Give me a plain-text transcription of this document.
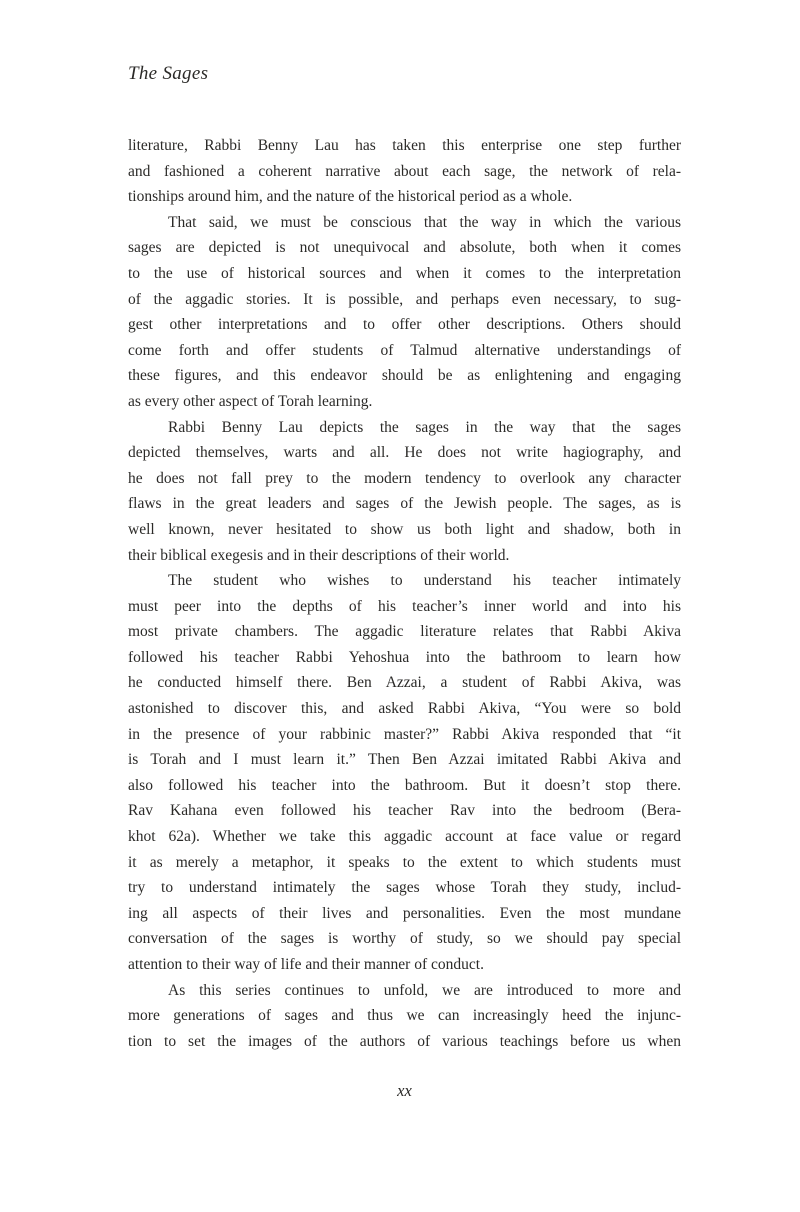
The Sages
literature, Rabbi Benny Lau has taken this enterprise one step further
and fashioned a coherent narrative about each sage, the network of rela-
tionships around him, and the nature of the historical period as a whole.
That said, we must be conscious that the way in which the various
sages are depicted is not unequivocal and absolute, both when it comes
to the use of historical sources and when it comes to the interpretation
of the aggadic stories. It is possible, and perhaps even necessary, to sug-
gest other interpretations and to offer other descriptions. Others should
come forth and offer students of Talmud alternative understandings of
these figures, and this endeavor should be as enlightening and engaging
as every other aspect of Torah learning.
Rabbi Benny Lau depicts the sages in the way that the sages
depicted themselves, warts and all. He does not write hagiography, and
he does not fall prey to the modern tendency to overlook any character
flaws in the great leaders and sages of the Jewish people. The sages, as is
well known, never hesitated to show us both light and shadow, both in
their biblical exegesis and in their descriptions of their world.
The student who wishes to understand his teacher intimately
must peer into the depths of his teacher’s inner world and into his
most private chambers. The aggadic literature relates that Rabbi Akiva
followed his teacher Rabbi Yehoshua into the bathroom to learn how
he conducted himself there. Ben Azzai, a student of Rabbi Akiva, was
astonished to discover this, and asked Rabbi Akiva, “You were so bold
in the presence of your rabbinic master?” Rabbi Akiva responded that “it
is Torah and I must learn it.” Then Ben Azzai imitated Rabbi Akiva and
also followed his teacher into the bathroom. But it doesn’t stop there.
Rav Kahana even followed his teacher Rav into the bedroom (Bera-
khot 62a). Whether we take this aggadic account at face value or regard
it as merely a metaphor, it speaks to the extent to which students must
try to understand intimately the sages whose Torah they study, includ-
ing all aspects of their lives and personalities. Even the most mundane
conversation of the sages is worthy of study, so we should pay special
attention to their way of life and their manner of conduct.
As this series continues to unfold, we are introduced to more and
more generations of sages and thus we can increasingly heed the injunc-
tion to set the images of the authors of various teachings before us when
xx
